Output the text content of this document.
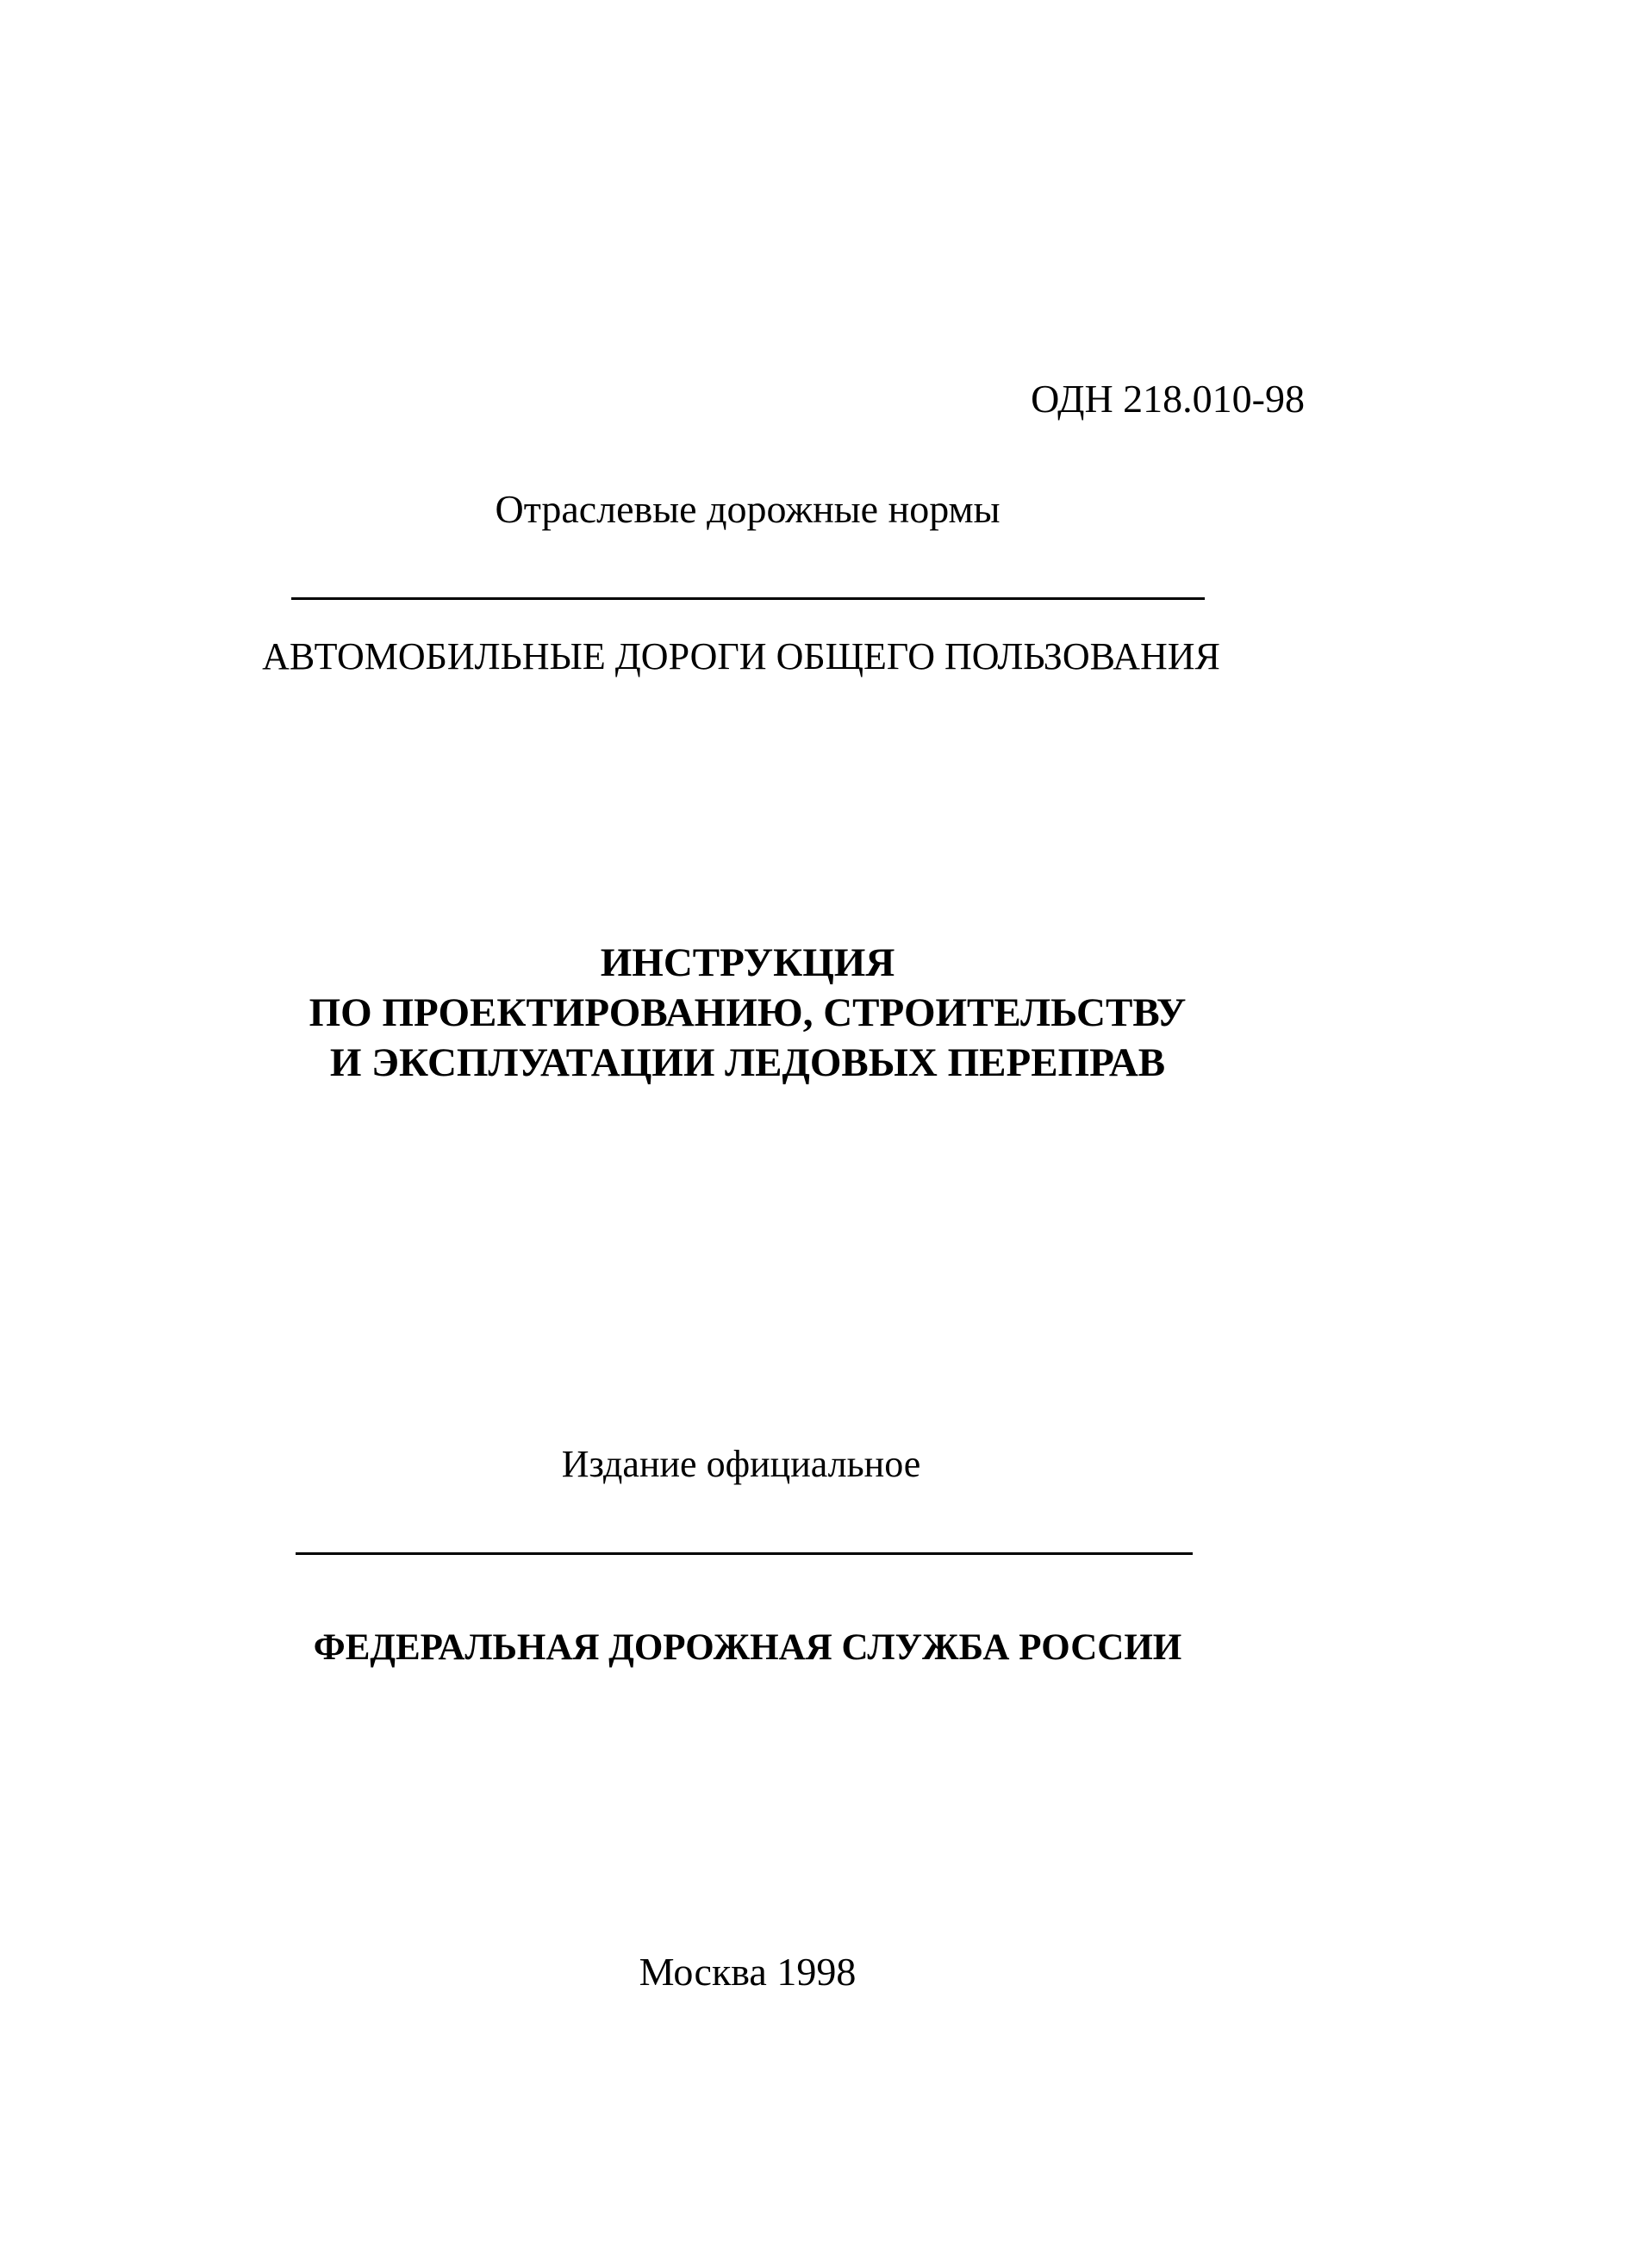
ОДН 218.010-98
Отраслевые дорожные нормы
АВТОМОБИЛЬНЫЕ ДОРОГИ ОБЩЕГО ПОЛЬЗОВАНИЯ
ИНСТРУКЦИЯ
ПО ПРОЕКТИРОВАНИЮ, СТРОИТЕЛЬСТВУ
И ЭКСПЛУАТАЦИИ ЛЕДОВЫХ ПЕРЕПРАВ
Издание официальное
ФЕДЕРАЛЬНАЯ ДОРОЖНАЯ СЛУЖБА РОССИИ
Москва 1998
